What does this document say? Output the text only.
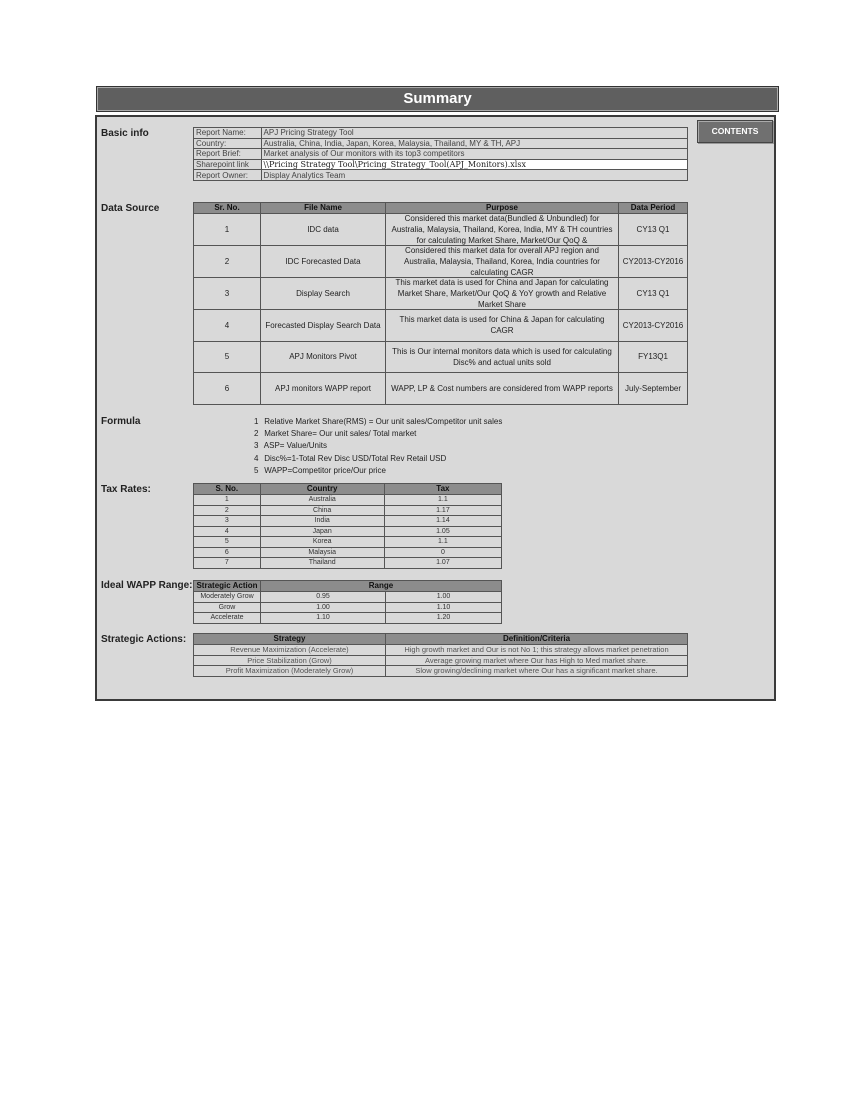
Summary
CONTENTS
Basic info
Data Source
Formula
Tax Rates:
Ideal WAPP Range:
Strategic Actions:
Report Name:	APJ Pricing Strategy Tool
Country:	Australia, China, India, Japan, Korea, Malaysia, Thailand, MY & TH, APJ
Report Brief:	Market analysis of Our monitors with its top3 competitors
Sharepoint link	\\Pricing Strategy Tool\Pricing_Strategy_Tool(APJ_Monitors).xlsx
Report Owner:	Display Analytics Team
Sr. No.	File Name	Purpose	Data Period
1	IDC data	Considered this market data(Bundled & Unbundled) for Australia, Malaysia, Thailand, Korea, India, MY & TH countries for calculating Market Share, Market/Our QoQ &	CY13 Q1
2	IDC Forecasted Data	Considered this market data for overall APJ region and Australia, Malaysia, Thailand, Korea, India countries for calculating CAGR	CY2013-CY2016
3	Display Search	This market data is used for China and Japan for calculating Market Share, Market/Our QoQ & YoY growth and Relative Market Share	CY13 Q1
4	Forecasted Display Search Data	This market data is used for China & Japan for calculating CAGR	CY2013-CY2016
5	APJ Monitors Pivot	This is Our internal monitors data which is used for calculating Disc% and actual units sold	FY13Q1
6	APJ monitors WAPP report	WAPP, LP & Cost numbers are considered from WAPP reports	July-September
1 Relative Market Share(RMS) = Our unit sales/Competitor unit sales
2 Market Share= Our unit sales/ Total market
3 ASP= Value/Units
4 Disc%=1-Total Rev Disc USD/Total Rev Retail USD
5 WAPP=Competitor price/Our price
S. No.	Country	Tax
1	Australia	1.1
2	China	1.17
3	India	1.14
4	Japan	1.05
5	Korea	1.1
6	Malaysia	0
7	Thailand	1.07
Strategic Action	Range	
Moderately Grow	0.95	1.00
Grow	1.00	1.10
Accelerate	1.10	1.20
Strategy	Definition/Criteria
Revenue Maximization (Accelerate)	High growth market and Our is not No 1; this strategy allows market penetration
Price Stabilization (Grow)	Average growing market where Our has High to Med market share.
Profit Maximization (Moderately Grow)	Slow growing/declining market where Our has a significant market share.
